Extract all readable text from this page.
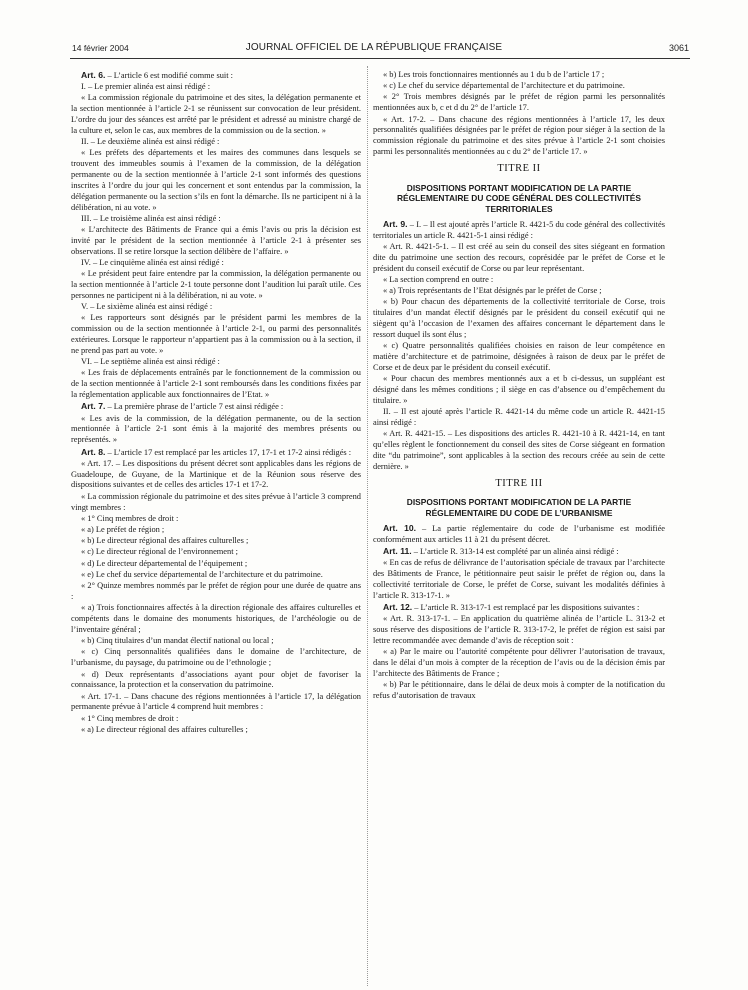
14 février 2004	JOURNAL OFFICIEL DE LA RÉPUBLIQUE FRANÇAISE	3061

Art. 6. – L’article 6 est modifié comme suit :

I. – Le premier alinéa est ainsi rédigé :

« La commission régionale du patrimoine et des sites, la délégation permanente et la section mentionnée à l’article 2-1 se réunissent sur convocation de leur président. L’ordre du jour des séances est arrêté par le président et adressé au ministre chargé de la culture et, selon le cas, aux membres de la commission ou de la section. »

II. – Le deuxième alinéa est ainsi rédigé :

« Les préfets des départements et les maires des communes dans lesquels se trouvent des immeubles soumis à l’examen de la commission, de la délégation permanente ou de la section mentionnée à l’article 2-1 sont informés des questions inscrites à l’ordre du jour qui les concernent et sont entendus par la commission, la délégation permanente ou la section s’ils en font la démarche. Ils ne participent ni à la délibération, ni au vote. »

III. – Le troisième alinéa est ainsi rédigé :

« L’architecte des Bâtiments de France qui a émis l’avis ou pris la décision est invité par le président de la section mentionnée à l’article 2-1 à présenter ses observations. Il se retire lorsque la section délibère de l’affaire. »

IV. – Le cinquième alinéa est ainsi rédigé :

« Le président peut faire entendre par la commission, la délégation permanente ou la section mentionnée à l’article 2-1 toute personne dont l’audition lui paraît utile. Ces personnes ne participent ni à la délibération, ni au vote. »

V. – Le sixième alinéa est ainsi rédigé :

« Les rapporteurs sont désignés par le président parmi les membres de la commission ou de la section mentionnée à l’article 2-1, ou parmi des personnalités extérieures. Lorsque le rapporteur n’appartient pas à la commission ou à la section, il ne prend pas part au vote. »

VI. – Le septième alinéa est ainsi rédigé :

« Les frais de déplacements entraînés par le fonctionnement de la commission ou de la section mentionnée à l’article 2-1 sont remboursés dans les conditions fixées par la réglementation applicable aux fonctionnaires de l’Etat. »

Art. 7. – La première phrase de l’article 7 est ainsi rédigée :

« Les avis de la commission, de la délégation permanente, ou de la section mentionnée à l’article 2-1 sont émis à la majorité des membres présents ou représentés. »

Art. 8. – L’article 17 est remplacé par les articles 17, 17-1 et 17-2 ainsi rédigés :

« Art. 17. – Les dispositions du présent décret sont applicables dans les régions de Guadeloupe, de Guyane, de la Martinique et de la Réunion sous réserve des dispositions suivantes et de celles des articles 17-1 et 17-2.

« La commission régionale du patrimoine et des sites prévue à l’article 3 comprend vingt membres :

« 1° Cinq membres de droit :

« a) Le préfet de région ;

« b) Le directeur régional des affaires culturelles ;

« c) Le directeur régional de l’environnement ;

« d) Le directeur départemental de l’équipement ;

« e) Le chef du service départemental de l’architecture et du patrimoine.

« 2° Quinze membres nommés par le préfet de région pour une durée de quatre ans :

« a) Trois fonctionnaires affectés à la direction régionale des affaires culturelles et compétents dans le domaine des monuments historiques, de l’archéologie ou de l’inventaire général ;

« b) Cinq titulaires d’un mandat électif national ou local ;

« c) Cinq personnalités qualifiées dans le domaine de l’architecture, de l’urbanisme, du paysage, du patrimoine ou de l’ethnologie ;

« d) Deux représentants d’associations ayant pour objet de favoriser la connaissance, la protection et la conservation du patrimoine.

« Art. 17-1. – Dans chacune des régions mentionnées à l’article 17, la délégation permanente prévue à l’article 4 comprend huit membres :

« 1° Cinq membres de droit :

« a) Le directeur régional des affaires culturelles ;

« b) Les trois fonctionnaires mentionnés au 1 du b de l’article 17 ;

« c) Le chef du service départemental de l’architecture et du patrimoine.

« 2° Trois membres désignés par le préfet de région parmi les personnalités mentionnées aux b, c et d du 2° de l’article 17.

« Art. 17-2. – Dans chacune des régions mentionnées à l’article 17, les deux personnalités qualifiées désignées par le préfet de région pour siéger à la section de la commission régionale du patrimoine et des sites prévue à l’article 2-1 sont choisies parmi les personnalités mentionnées au c du 2° de l’article 17. »

TITRE II

DISPOSITIONS PORTANT MODIFICATION DE LA PARTIE RÉGLEMENTAIRE DU CODE GÉNÉRAL DES COLLECTIVITÉS TERRITORIALES

Art. 9. – I. – Il est ajouté après l’article R. 4421-5 du code général des collectivités territoriales un article R. 4421-5-1 ainsi rédigé :

« Art. R. 4421-5-1. – Il est créé au sein du conseil des sites siégeant en formation dite du patrimoine une section des recours, coprésidée par le préfet de Corse et le président du conseil exécutif de Corse ou par leur représentant.

« La section comprend en outre :

« a) Trois représentants de l’Etat désignés par le préfet de Corse ;

« b) Pour chacun des départements de la collectivité territoriale de Corse, trois titulaires d’un mandat électif désignés par le président du conseil exécutif qui ne siègent qu’à l’occasion de l’examen des affaires concernant le département dans le ressort duquel ils sont élus ;

« c) Quatre personnalités qualifiées choisies en raison de leur compétence en matière d’architecture et de patrimoine, désignées à raison de deux par le préfet de Corse et de deux par le président du conseil exécutif.

« Pour chacun des membres mentionnés aux a et b ci-dessus, un suppléant est désigné dans les mêmes conditions ; il siège en cas d’absence ou d’empêchement du titulaire. »

II. – Il est ajouté après l’article R. 4421-14 du même code un article R. 4421-15 ainsi rédigé :

« Art. R. 4421-15. – Les dispositions des articles R. 4421-10 à R. 4421-14, en tant qu’elles règlent le fonctionnement du conseil des sites de Corse siégeant en formation dite “du patrimoine”, sont applicables à la section des recours créée au sein de cette dernière. »

TITRE III

DISPOSITIONS PORTANT MODIFICATION DE LA PARTIE RÉGLEMENTAIRE DU CODE DE L’URBANISME

Art. 10. – La partie réglementaire du code de l’urbanisme est modifiée conformément aux articles 11 à 21 du présent décret.

Art. 11. – L’article R. 313-14 est complété par un alinéa ainsi rédigé :

« En cas de refus de délivrance de l’autorisation spéciale de travaux par l’architecte des Bâtiments de France, le pétitionnaire peut saisir le préfet de région ou, dans la collectivité territoriale de Corse, le préfet de Corse, suivant les modalités définies à l’article R. 313-17-1. »

Art. 12. – L’article R. 313-17-1 est remplacé par les dispositions suivantes :

« Art. R. 313-17-1. – En application du quatrième alinéa de l’article L. 313-2 et sous réserve des dispositions de l’article R. 313-17-2, le préfet de région est saisi par lettre recommandée avec demande d’avis de réception soit :

« a) Par le maire ou l’autorité compétente pour délivrer l’autorisation de travaux, dans le délai d’un mois à compter de la réception de l’avis ou de la décision émis par l’architecte des Bâtiments de France ;

« b) Par le pétitionnaire, dans le délai de deux mois à compter de la notification du refus d’autorisation de travaux
